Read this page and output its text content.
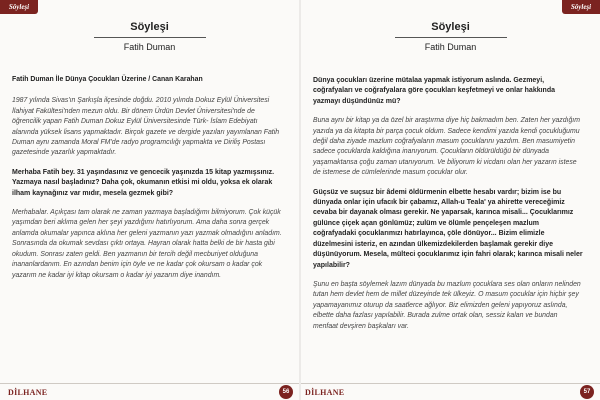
Söyleşi
Söyleşi
Fatih Duman

Fatih Duman İle Dünya Çocukları Üzerine / Canan Karahan

1987 yılında Sivas'ın Şarkışla ilçesinde doğdu. 2010 yılında Dokuz Eylül Üniversitesi İlahiyat Fakültesi'nden mezun oldu. Bir dönem Ürdün Devlet Üniversitesi'nde de öğrencilik yapan Fatih Duman Dokuz Eylül Üniversitesinde Türk- İslam Edebiyatı alanında yüksek lisans yapmaktadır. Birçok gazete ve dergide yazıları yayımlanan Fatih Duman aynı zamanda Moral FM'de radyo programcılığı yapmakta ve Diriliş Postası gazetesinde yazarlık yapmaktadır.

Merhaba Fatih bey. 31 yaşındasınız ve gencecik yaşınızda 15 kitap yazmışsınız. Yazmaya nasıl başladınız? Daha çok, okumanın etkisi mi oldu, yoksa ek olarak ilham kaynağınız var mıdır, mesela gezmek gibi?

Merhabalar. Açıkçası tam olarak ne zaman yazmaya başladığımı bilmiyorum. Çok küçük yaşımdan beri aklıma gelen her şeyi yazdığımı hatırlıyorum. Ama daha sonra gerçek anlamda okumalar yapınca aklına her geleni yazmanın yazı yazmak olmadığını anladım. Sonrasında da okumak sevdası çıktı ortaya. Hayran olarak hatta belki de bir hasta gibi okudum. Sonrası zaten geldi. Ben yazmanın bir tercih değil mecburiyet olduğuna inananlardanım. En azından benim için öyle ve ne kadar çok okursam o kadar çok yazarım ne kadar iyi kitap okursam o kadar iyi yazarım diye inandım.

DİLHANE	56
Söyleşi
Söyleşi
Fatih Duman

Dünya çocukları üzerine mütalaa yapmak istiyorum aslında. Gezmeyi, coğrafyaları ve coğrafyalara göre çocukları keşfetmeyi ve onlar hakkında yazmayı düşündünüz mü?

Buna aynı bir kitap ya da özel bir araştırma diye hiç bakmadım ben. Zaten her yazdığım yazıda ya da kitapta bir parça çocuk oldum. Sadece kendimi yazıda kendi çocukluğumu değil daha ziyade mazlum coğrafyaların masum çocuklarını yazdım. Ben masumiyetin sadece çocuklarda kaldığına inanıyorum. Çocukların öldürüldüğü bir dünyada yaşamaktansa çoğu zaman utanıyorum. Ve biliyorum ki vicdanı olan her yazarın istese de istemese de cümlelerinde masum çocuklar olur.

Güçsüz ve suçsuz bir âdemi öldürmenin elbette hesabı vardır; bizim ise bu dünyada onlar için ufacık bir çabamız, Allah-u Teala' ya ahirette vereceğimiz cevaba bir dayanak olması gerekir. Ne yaparsak, karınca misali... Çocuklarımız gülünce çiçek açan gönlümüz; zulüm ve ölümle pençeleşen mazlum coğrafyadaki çocuklarımızı hatırlayınca, çöle dönüyor... Bizim elimizle düzelmesini isteriz, en azından ülkemizdekilerden başlamak gerekir diye düşünüyorum. Mesela, mülteci çocuklarımız için fahri olarak; karınca misali neler yapılabilir?

Şunu en başta söylemek lazım dünyada bu mazlum çocuklara ses olan onların nelinden tutan hem devlet hem de millet düzeyinde tek ülkeyiz. O masum çocuklar için hiçbir şey yapamayanımız oturup da saatlerce ağlıyor. Biz elimizden geleni yapıyoruz aslında, elbette daha fazlası yapılabilir. Burada zulme ortak olan, sessiz kalan ve bundan menfaat devşiren başkaları var.

DİLHANE	57
